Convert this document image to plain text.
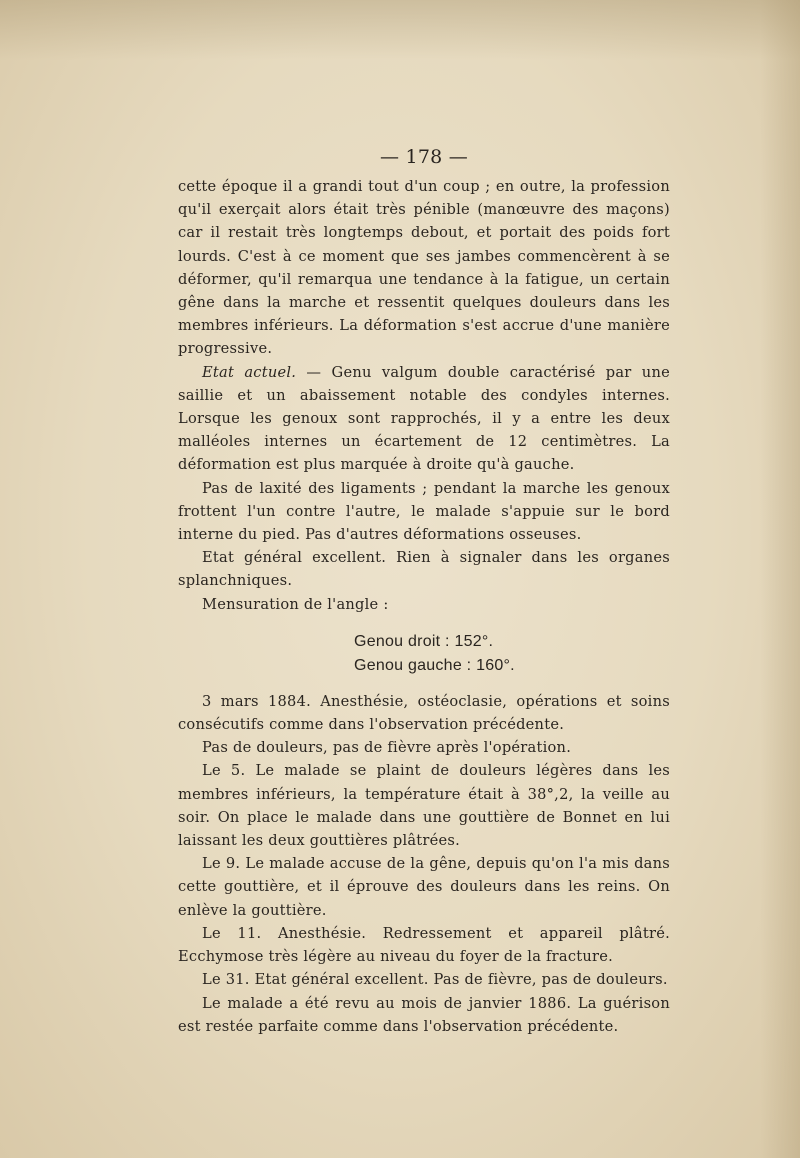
— 178 —

cette époque il a grandi tout d'un coup ; en outre, la profession qu'il exerçait alors était très pénible (manœuvre des maçons) car il restait très longtemps debout, et portait des poids fort lourds. C'est à ce moment que ses jambes commencèrent à se déformer, qu'il remarqua une tendance à la fatigue, un certain gêne dans la marche et ressentit quelques douleurs dans les membres inférieurs. La déformation s'est accrue d'une manière progressive.

Etat actuel. — Genu valgum double caractérisé par une saillie et un abaissement notable des condyles internes. Lorsque les genoux sont rapprochés, il y a entre les deux malléoles internes un écartement de 12 centimètres. La déformation est plus marquée à droite qu'à gauche.

Pas de laxité des ligaments ; pendant la marche les genoux frottent l'un contre l'autre, le malade s'appuie sur le bord interne du pied. Pas d'autres déformations osseuses.

Etat général excellent. Rien à signaler dans les organes splanchniques.

Mensuration de l'angle :

Genou droit : 152°.
Genou gauche : 160°.

3 mars 1884. Anesthésie, ostéoclasie, opérations et soins consécutifs comme dans l'observation précédente.

Pas de douleurs, pas de fièvre après l'opération.

Le 5. Le malade se plaint de douleurs légères dans les membres inférieurs, la température était à 38°,2, la veille au soir. On place le malade dans une gouttière de Bonnet en lui laissant les deux gouttières plâtrées.

Le 9. Le malade accuse de la gêne, depuis qu'on l'a mis dans cette gouttière, et il éprouve des douleurs dans les reins. On enlève la gouttière.

Le 11. Anesthésie. Redressement et appareil plâtré. Ecchymose très légère au niveau du foyer de la fracture.

Le 31. Etat général excellent. Pas de fièvre, pas de douleurs.

Le malade a été revu au mois de janvier 1886. La guérison est restée parfaite comme dans l'observation précédente.
